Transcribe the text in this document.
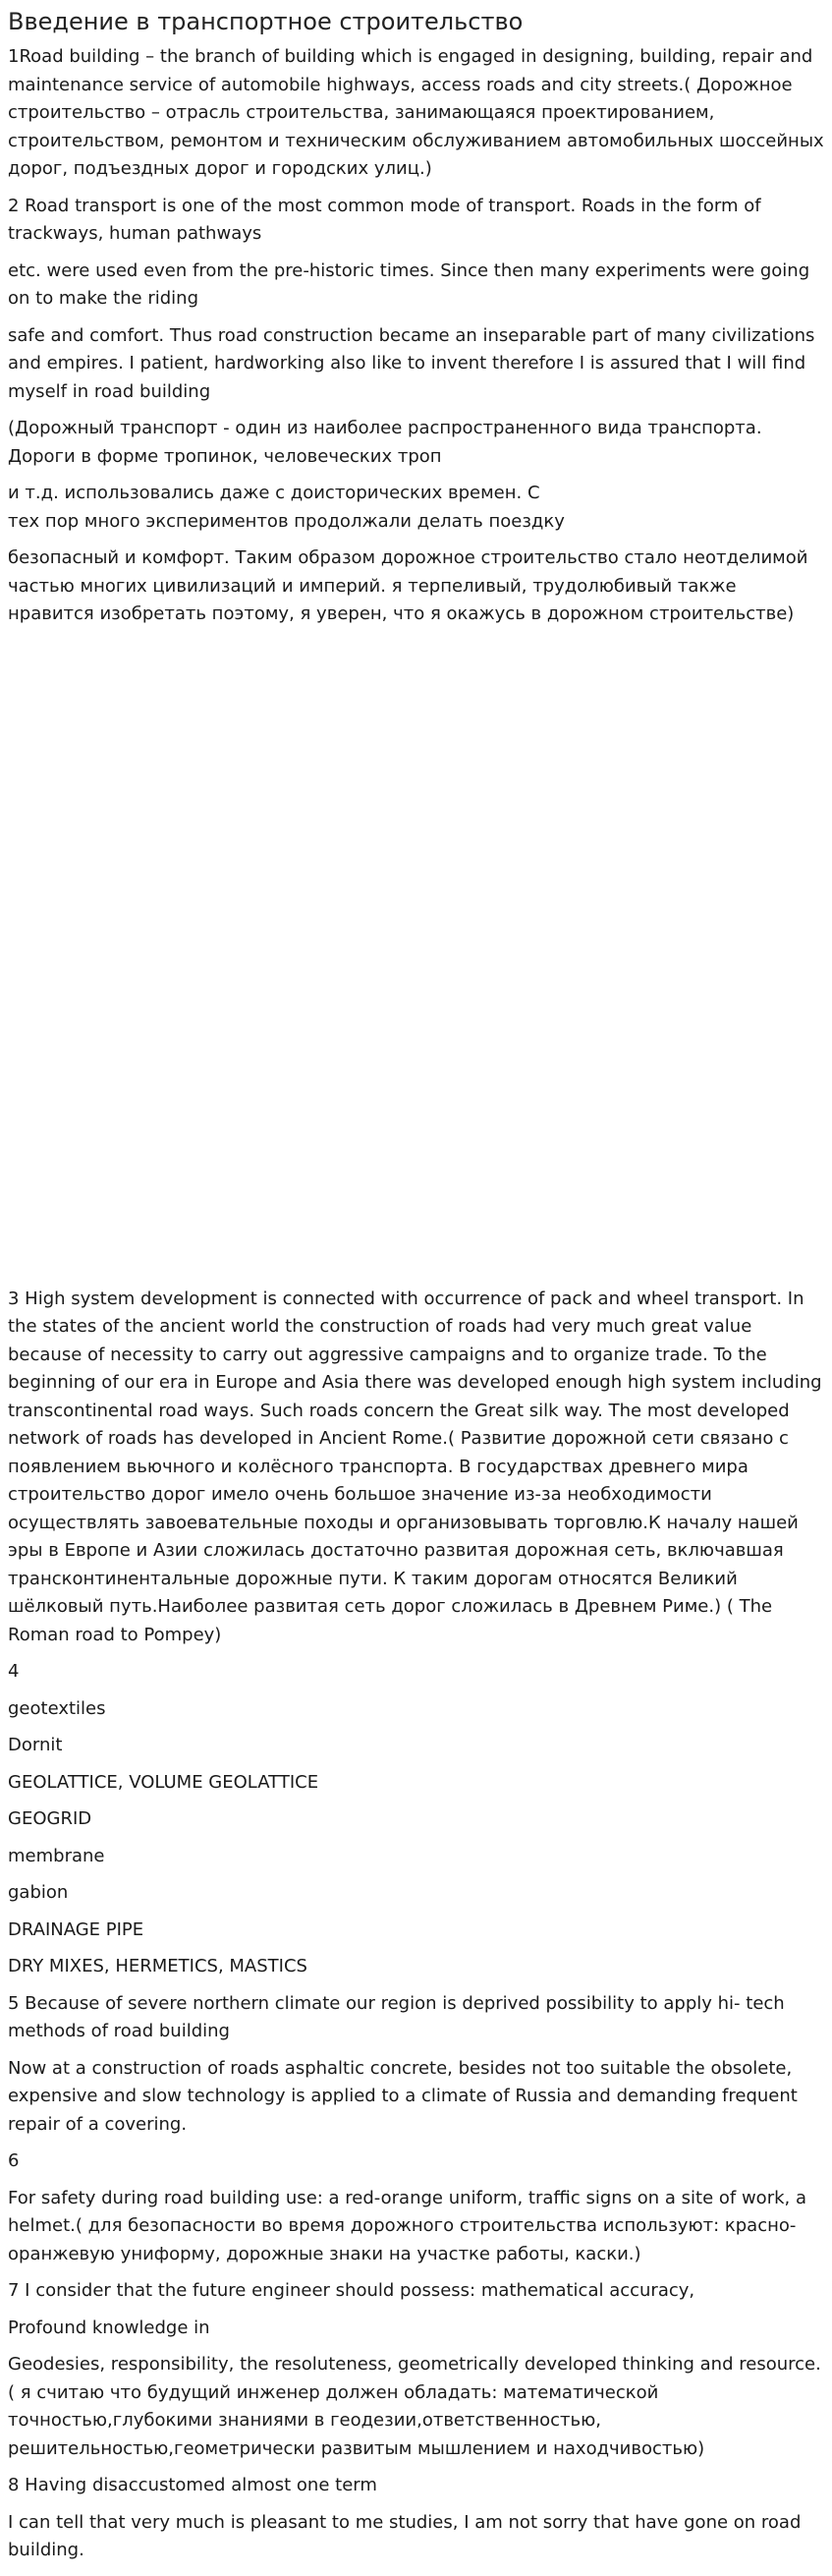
Введение в транспортное строительство

1Road building – the branch of building which is engaged in designing, building, repair and maintenance service of automobile highways, access roads and city streets.( Дорожное строительство – отрасль строительства, занимающаяся проектированием, строительством, ремонтом и техническим обслуживанием автомобильных шоссейных дорог, подъездных дорог и городских улиц.)

2 Road transport is one of the most common mode of transport. Roads in the form of trackways, human pathways

etc. were used even from the pre-historic times. Since then many experiments were going on to make the riding

safe and comfort. Thus road construction became an inseparable part of many civilizations and empires. I patient, hardworking also like to invent therefore I is assured that I will find myself in road building

(Дорожный транспорт - один из наиболее распространенного вида транспорта. Дороги в форме тропинок, человеческих троп

и т.д. использовались даже с доисторических времен. С
тех пор много экспериментов продолжали делать поездку

безопасный и комфорт. Таким образом дорожное строительство стало неотделимой частью многих цивилизаций и империй. я терпеливый, трудолюбивый также нравится изобретать поэтому, я уверен, что я окажусь в дорожном строительстве)

3 High system development is connected with occurrence of pack and wheel transport. In the states of the ancient world the construction of roads had very much great value because of necessity to carry out aggressive campaigns and to organize trade. To the beginning of our era in Europe and Asia there was developed enough high system including transcontinental road ways. Such roads concern the Great silk way. The most developed network of roads has developed in Ancient Rome.( Развитие дорожной сети связано с появлением вьючного и колёсного транспорта. В государствах древнего мира строительство дорог имело очень большое значение из-за необходимости осуществлять завоевательные походы и организовывать торговлю.К началу нашей эры в Европе и Азии сложилась достаточно развитая дорожная сеть, включавшая трансконтинентальные дорожные пути. К таким дорогам относятся Великий шёлковый путь.Наиболее развитая сеть дорог сложилась в Древнем Риме.) ( The Roman road to Pompey)

4

geotextiles

Dornit

GEOLATTICE, VOLUME GEOLATTICE

GEOGRID

membrane

gabion

DRAINAGE PIPE

DRY MIXES, HERMETICS, MASTICS

5 Because of severe northern climate our region is deprived possibility to apply hi- tech methods of road building

Now at a construction of roads asphaltic concrete, besides not too suitable the obsolete, expensive and slow technology is applied to a climate of Russia and demanding frequent repair of a covering.

6

For safety during road building use: a red-orange uniform, traffic signs on a site of work, a helmet.( для безопасности во время дорожного строительства используют: красно-оранжевую униформу, дорожные знаки на участке работы, каски.)

7 I consider that the future engineer should possess: mathematical accuracy,

Profound knowledge in

Geodesies, responsibility, the resoluteness, geometrically developed thinking and resource.( я считаю что будущий инженер должен обладать: математической точностью,глубокими знаниями в геодезии,ответственностью, решительностью,геометрически развитым мышлением и находчивостью)

8 Having disaccustomed almost one term

I can tell that very much is pleasant to me studies, I am not sorry that have gone on road building.
